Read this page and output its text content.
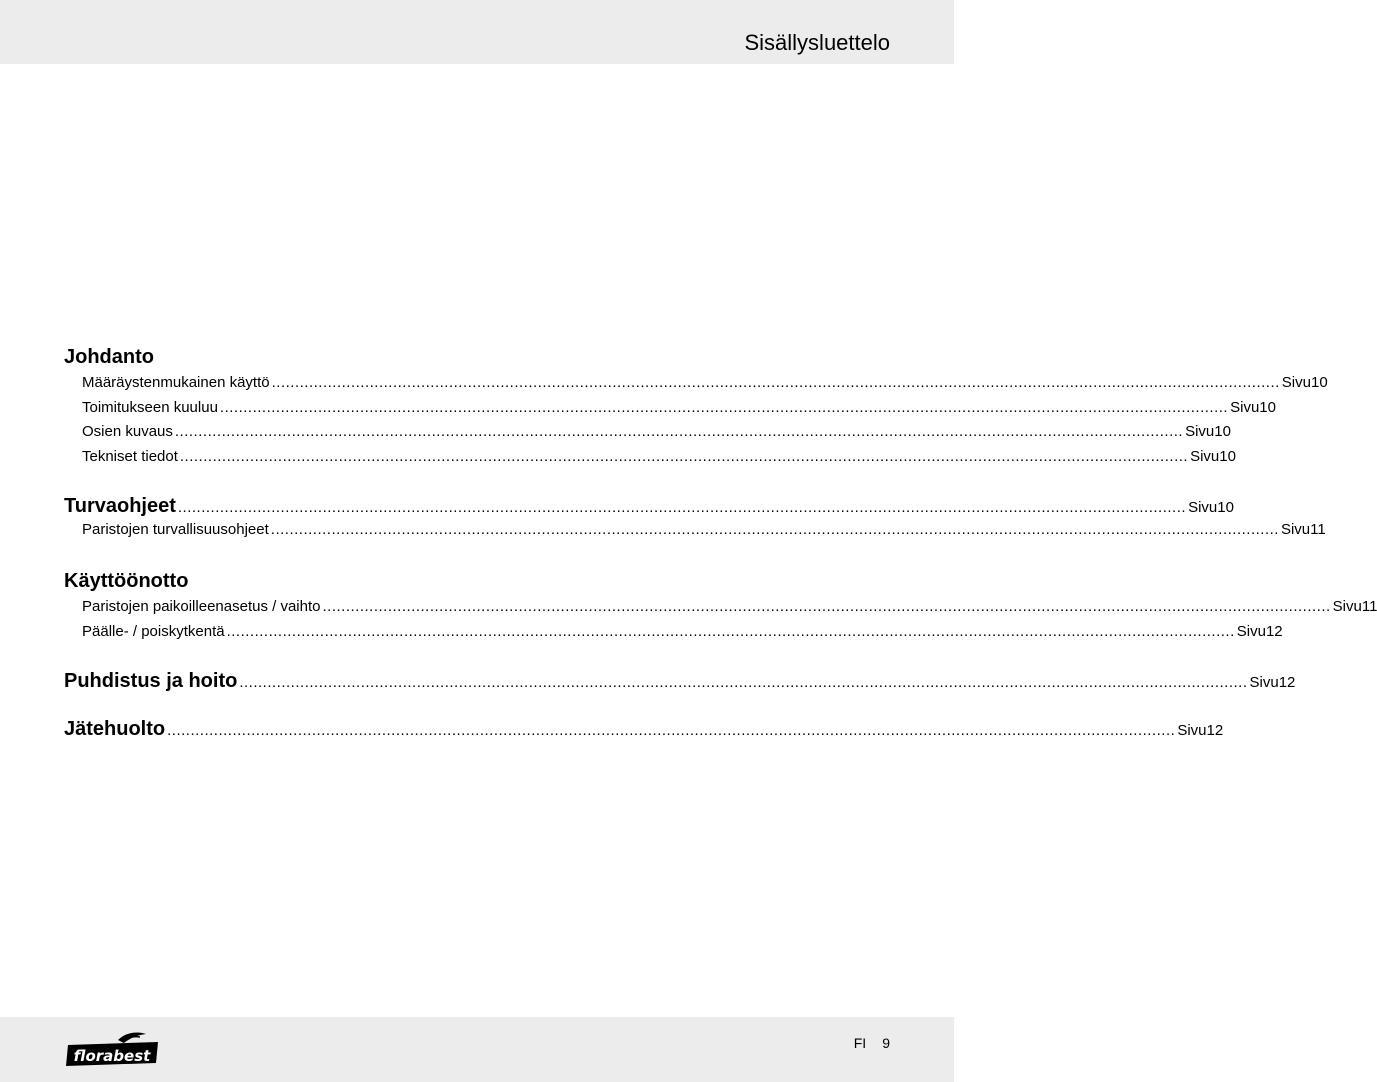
Sisällysluettelo
Johdanto
Määräystenmukainen käyttö ........................................................................................................................................................................................................................ Sivu 10
Toimitukseen kuuluu ........................................................................................................................................................................................................................ Sivu 10
Osien kuvaus ........................................................................................................................................................................................................................ Sivu 10
Tekniset tiedot ........................................................................................................................................................................................................................ Sivu 10
Turvaohjeet ........................................................................................................................................................................................................................ Sivu 10
Paristojen turvallisuusohjeet ........................................................................................................................................................................................................................ Sivu 11
Käyttöönotto
Paristojen paikoilleenasetus / vaihto ........................................................................................................................................................................................................................ Sivu 11
Päälle- / poiskytkentä ........................................................................................................................................................................................................................ Sivu 12
Puhdistus ja hoito ........................................................................................................................................................................................................................ Sivu 12
Jätehuolto ........................................................................................................................................................................................................................ Sivu 12
florabest
FI 9
